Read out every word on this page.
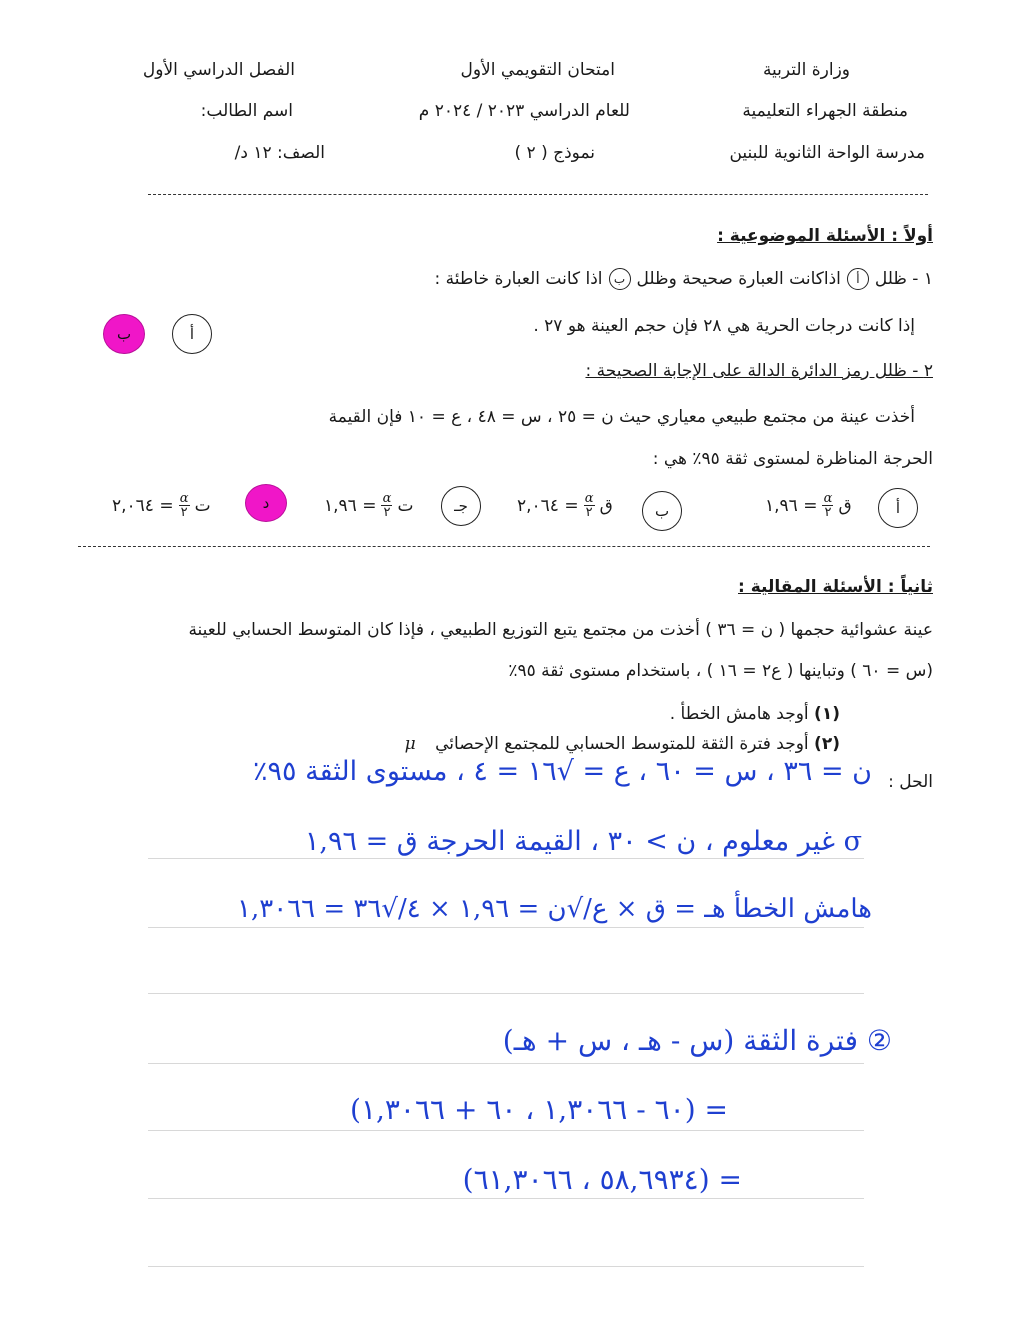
وزارة التربية
امتحان التقويمي الأول
الفصل الدراسي الأول
منطقة الجهراء التعليمية
للعام الدراسي ٢٠٢٣ / ٢٠٢٤ م
اسم الطالب:
مدرسة الواحة الثانوية للبنين
نموذج ( ٢ )
الصف: ١٢ د/
أولاً : الأسئلة الموضوعية :
١ - ظلل
أ
اذاكانت العبارة صحيحة وظلل
ب
اذا كانت العبارة خاطئة :
إذا كانت درجات الحرية هي ٢٨ فإن حجم العينة هو ٢٧ .
أ
ب
٢ - ظلل رمز الدائرة الدالة على الإجابة الصحيحة :
أخذت عينة من مجتمع طبيعي معياري حيث ن = ٢٥ ، س = ٤٨ ، ع = ١٠ فإن القيمة
الحرجة المناظرة لمستوى ثقة ٩٥٪ هي :
أ
ق
$\frac{\alpha}{٢}$
= ١,٩٦
ب
ق
$\frac{\alpha}{٢}$
= ٢,٠٦٤
جـ
ت
$\frac{\alpha}{٢}$
= ١,٩٦
د
ت
$\frac{\alpha}{٢}$
= ٢,٠٦٤
ثانياً : الأسئلة المقالية :
عينة عشوائية حجمها ( ن = ٣٦ ) أخذت من مجتمع يتبع التوزيع الطبيعي ، فإذا كان المتوسط الحسابي للعينة
(س = ٦٠ ) وتباينها ( ع٢ = ١٦ ) ، باستخدام مستوى ثقة ٩٥٪
(١) أوجد هامش الخطأ .
(٢) أوجد فترة الثقة للمتوسط الحسابي للمجتمع الإحصائي μ
الحل :
ن = ٣٦ ، س = ٦٠ ، ع = √١٦ = ٤ ، مستوى الثقة ٩٥٪
σ غير معلوم ، ن > ٣٠ ، القيمة الحرجة ق = ١,٩٦
هامش الخطأ هـ = ق × ع/√ن = ١,٩٦ × ٤/√٣٦ = ١,٣٠٦٦
② فترة الثقة (س - هـ ، س + هـ)
= (٦٠ - ١,٣٠٦٦ ، ٦٠ + ١,٣٠٦٦)
= (٥٨,٦٩٣٤ ، ٦١,٣٠٦٦)
